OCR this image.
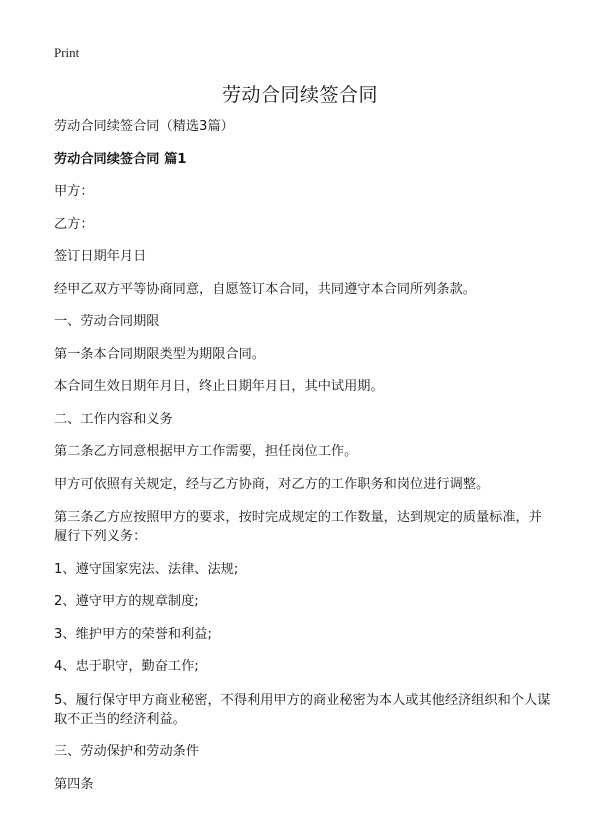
Print
劳动合同续签合同

劳动合同续签合同（精选3篇）

劳动合同续签合同 篇1

甲方：

乙方：

签订日期年月日

经甲乙双方平等协商同意，自愿签订本合同，共同遵守本合同所列条款。

一、劳动合同期限

第一条本合同期限类型为期限合同。

本合同生效日期年月日，终止日期年月日，其中试用期。

二、工作内容和义务

第二条乙方同意根据甲方工作需要，担任岗位工作。

甲方可依照有关规定，经与乙方协商，对乙方的工作职务和岗位进行调整。

第三条乙方应按照甲方的要求，按时完成规定的工作数量，达到规定的质量标准，并履行下列义务：

1、遵守国家宪法、法律、法规;

2、遵守甲方的规章制度;

3、维护甲方的荣誉和利益;

4、忠于职守，勤奋工作;

5、履行保守甲方商业秘密，不得利用甲方的商业秘密为本人或其他经济组织和个人谋取不正当的经济利益。

三、劳动保护和劳动条件

第四条
